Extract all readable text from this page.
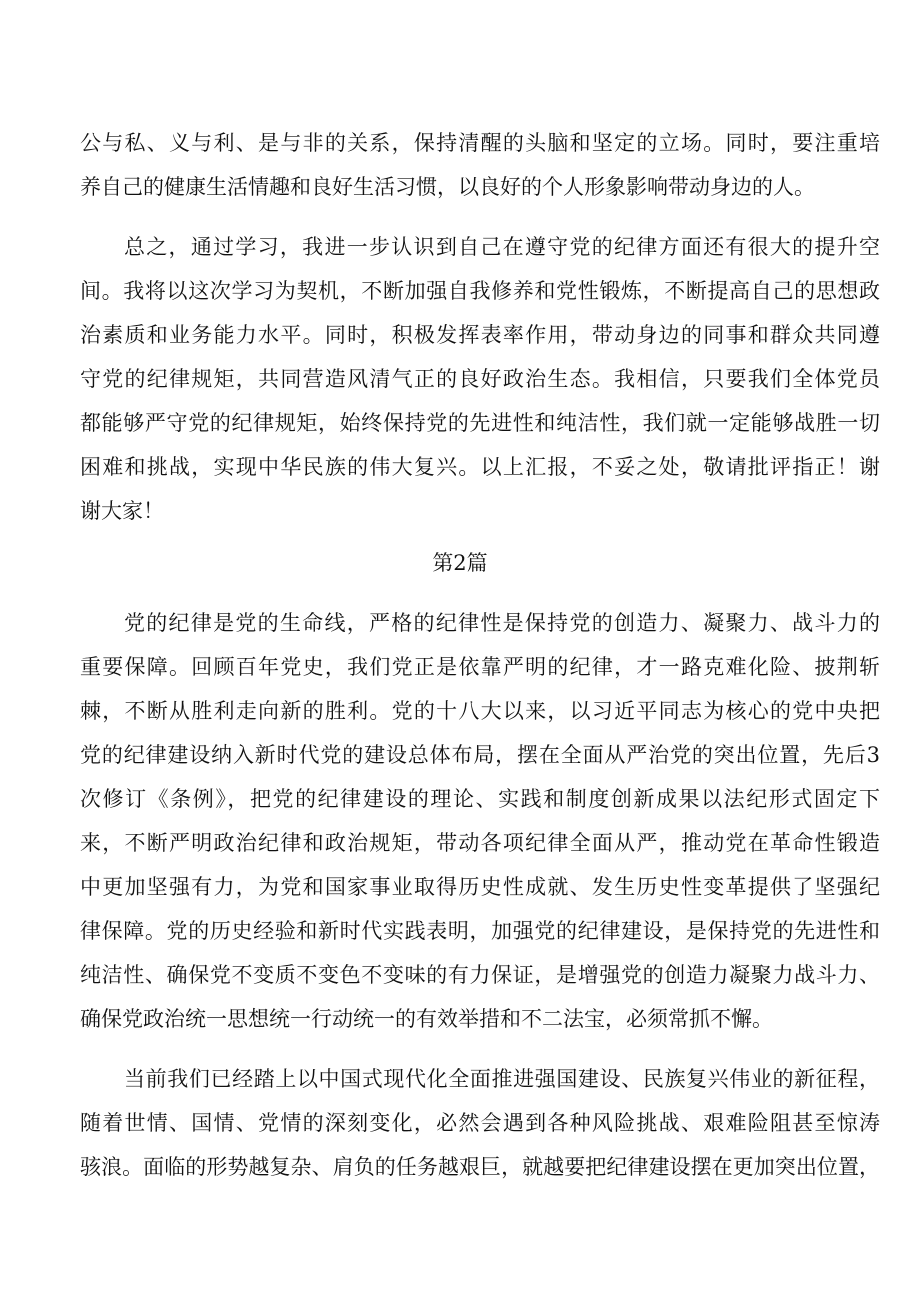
公与私、义与利、是与非的关系，保持清醒的头脑和坚定的立场。同时，要注重培
养自己的健康生活情趣和良好生活习惯，以良好的个人形象影响带动身边的人。
总之，通过学习，我进一步认识到自己在遵守党的纪律方面还有很大的提升空
间。我将以这次学习为契机，不断加强自我修养和党性锻炼，不断提高自己的思想政
治素质和业务能力水平。同时，积极发挥表率作用，带动身边的同事和群众共同遵
守党的纪律规矩，共同营造风清气正的良好政治生态。我相信，只要我们全体党员
都能够严守党的纪律规矩，始终保持党的先进性和纯洁性，我们就一定能够战胜一切
困难和挑战，实现中华民族的伟大复兴。以上汇报，不妥之处，敬请批评指正！谢
谢大家！
第2篇
党的纪律是党的生命线，严格的纪律性是保持党的创造力、凝聚力、战斗力的
重要保障。回顾百年党史，我们党正是依靠严明的纪律，才一路克难化险、披荆斩
棘，不断从胜利走向新的胜利。党的十八大以来，以习近平同志为核心的党中央把
党的纪律建设纳入新时代党的建设总体布局，摆在全面从严治党的突出位置，先后3
次修订《条例》，把党的纪律建设的理论、实践和制度创新成果以法纪形式固定下
来，不断严明政治纪律和政治规矩，带动各项纪律全面从严，推动党在革命性锻造
中更加坚强有力，为党和国家事业取得历史性成就、发生历史性变革提供了坚强纪
律保障。党的历史经验和新时代实践表明，加强党的纪律建设，是保持党的先进性和
纯洁性、确保党不变质不变色不变味的有力保证，是增强党的创造力凝聚力战斗力、
确保党政治统一思想统一行动统一的有效举措和不二法宝，必须常抓不懈。
当前我们已经踏上以中国式现代化全面推进强国建设、民族复兴伟业的新征程，
随着世情、国情、党情的深刻变化，必然会遇到各种风险挑战、艰难险阻甚至惊涛
骇浪。面临的形势越复杂、肩负的任务越艰巨，就越要把纪律建设摆在更加突出位置，
